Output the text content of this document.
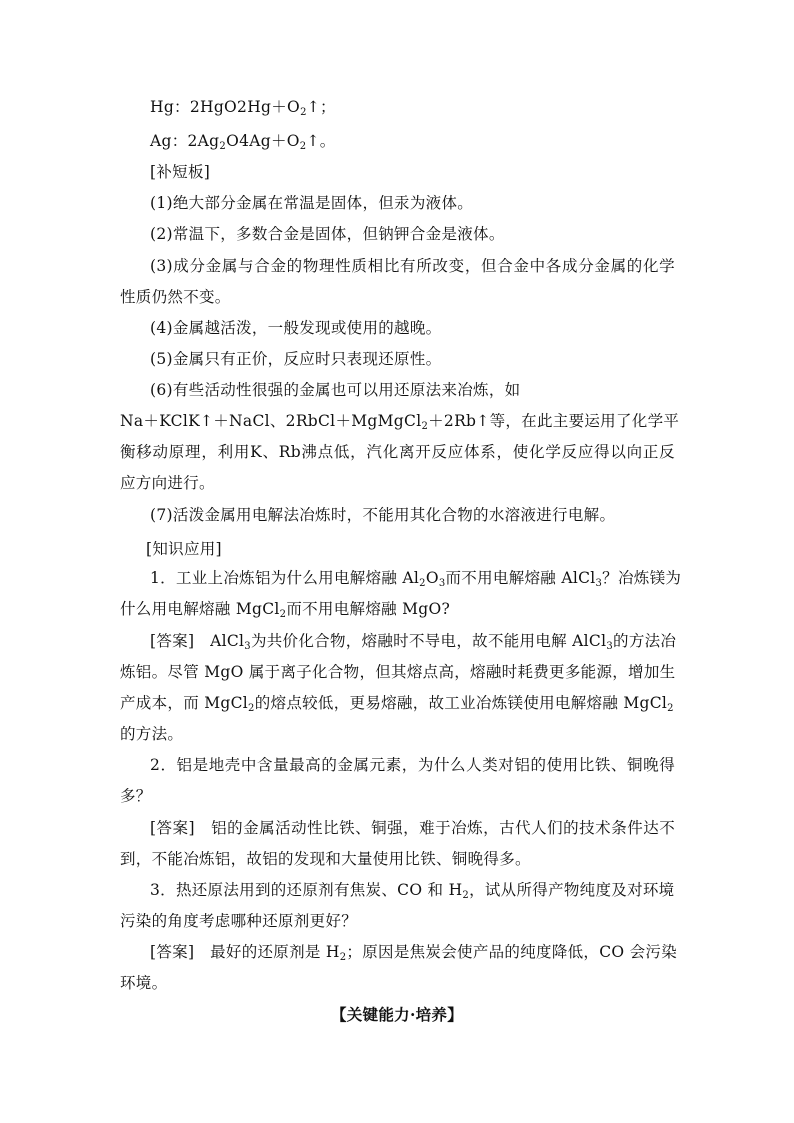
Hg：$2HgO2Hg+O_2↑$；
Ag：$2Ag_2O4Ag+O_2↑$。
[补短板]
(1)绝大部分金属在常温是固体，但汞为液体。
(2)常温下，多数合金是固体，但钠钾合金是液体。
(3)成分金属与合金的物理性质相比有所改变，但合金中各成分金属的化学
性质仍然不变。
(4)金属越活泼，一般发现或使用的越晚。
(5)金属只有正价，反应时只表现还原性。
(6)有些活动性很强的金属也可以用还原法来冶炼，如
Na＋KClK↑＋NaCl、2RbCl＋MgMgCl$_2$＋2Rb↑等，在此主要运用了化学平
衡移动原理，利用K、Rb沸点低，汽化离开反应体系，使化学反应得以向正反
应方向进行。
(7)活泼金属用电解法冶炼时，不能用其化合物的水溶液进行电解。
[知识应用]
1．工业上冶炼铝为什么用电解熔融 $Al_2O_3$而不用电解熔融 AlCl$_3$？冶炼镁为
什么用电解熔融 MgCl$_2$而不用电解熔融 MgO?
[答案]　AlCl$_3$为共价化合物，熔融时不导电，故不能用电解 AlCl$_3$的方法冶
炼铝。尽管 MgO 属于离子化合物，但其熔点高，熔融时耗费更多能源，增加生
产成本，而 MgCl$_2$的熔点较低，更易熔融，故工业冶炼镁使用电解熔融 MgCl$_2$
的方法。
2．铝是地壳中含量最高的金属元素，为什么人类对铝的使用比铁、铜晚得
多？
[答案]　铝的金属活动性比铁、铜强，难于冶炼，古代人们的技术条件达不
到，不能冶炼铝，故铝的发现和大量使用比铁、铜晚得多。
3．热还原法用到的还原剂有焦炭、CO 和 $H_2$，试从所得产物纯度及对环境
污染的角度考虑哪种还原剂更好？
[答案]　最好的还原剂是 $H_2$；原因是焦炭会使产品的纯度降低，CO 会污染
环境。
【关键能力·培养】
